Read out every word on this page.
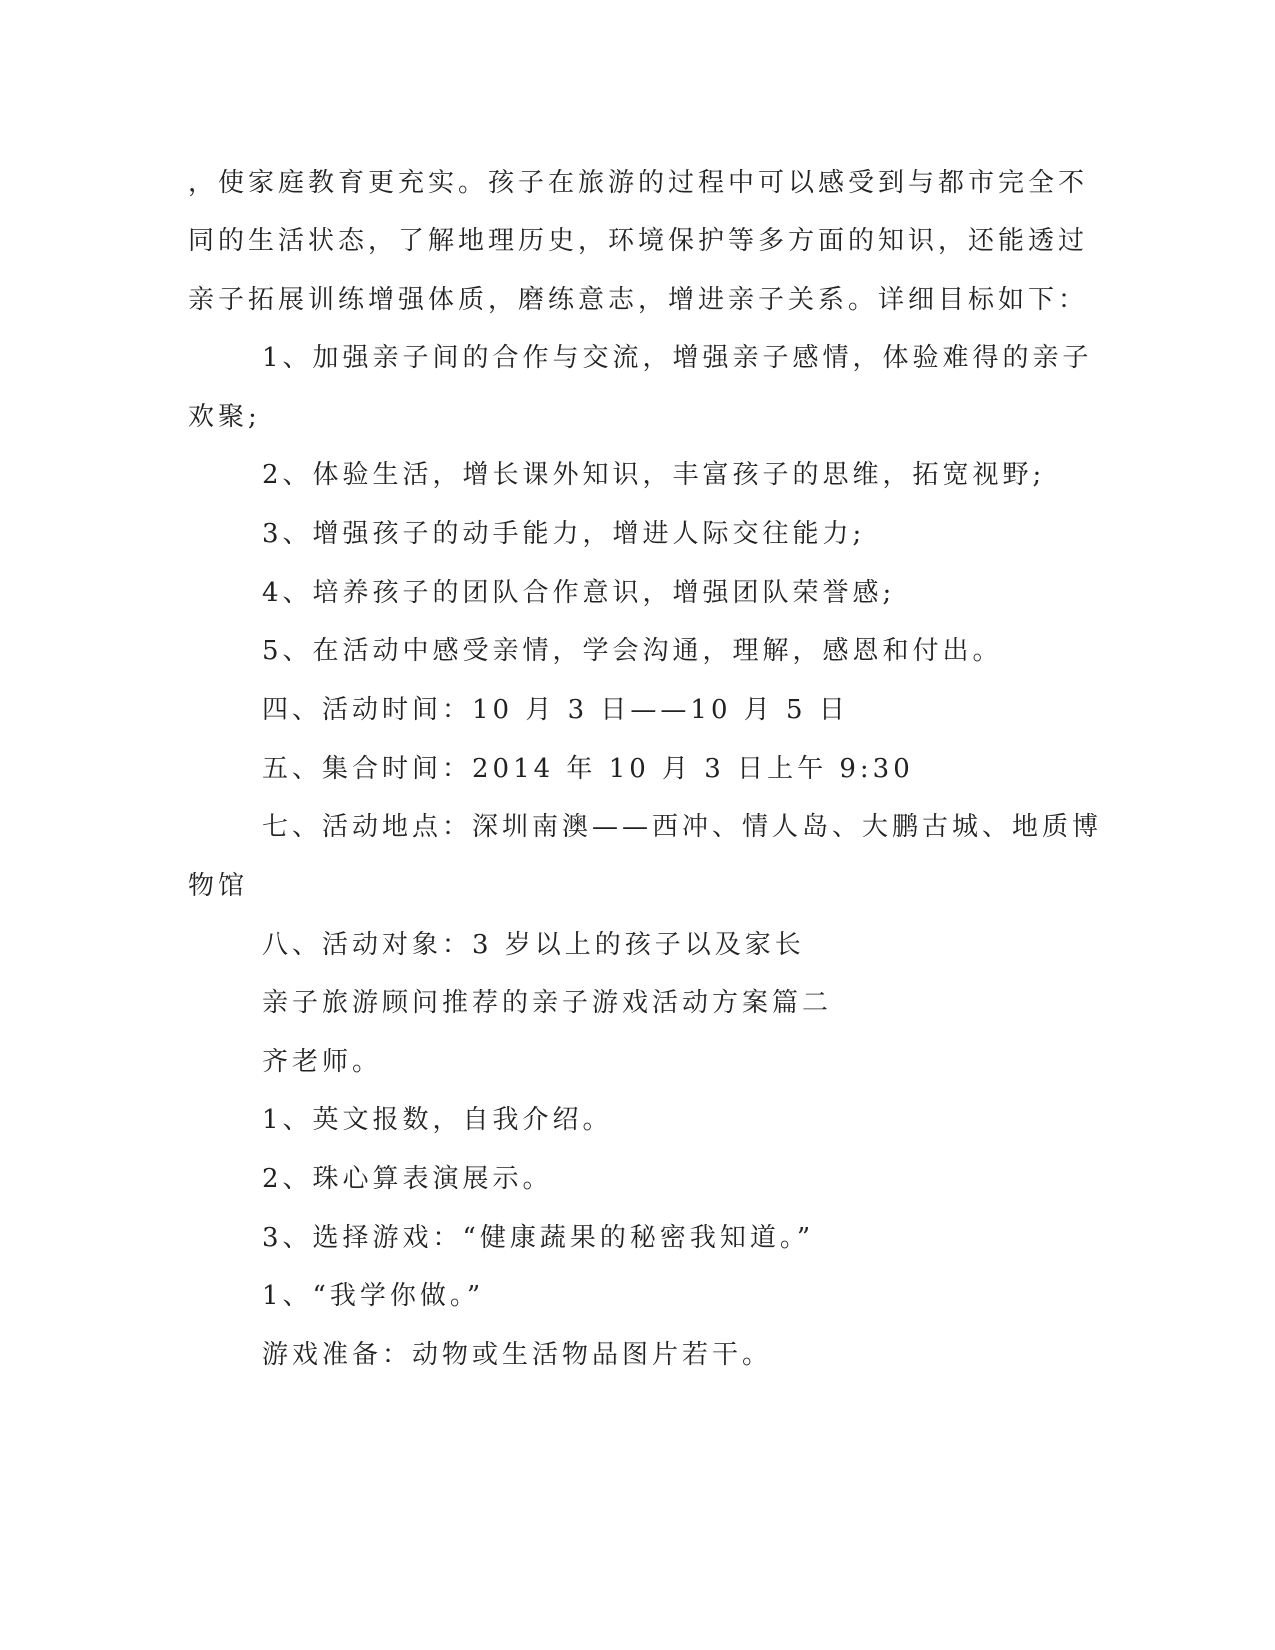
，使家庭教育更充实。孩子在旅游的过程中可以感受到与都市完全不
同的生活状态，了解地理历史，环境保护等多方面的知识，还能透过
亲子拓展训练增强体质，磨练意志，增进亲子关系。详细目标如下：
1、加强亲子间的合作与交流，增强亲子感情，体验难得的亲子
欢聚;
2、体验生活，增长课外知识，丰富孩子的思维，拓宽视野;
3、增强孩子的动手能力，增进人际交往能力;
4、培养孩子的团队合作意识，增强团队荣誉感;
5、在活动中感受亲情，学会沟通，理解，感恩和付出。
四、活动时间：10 月 3 日——10 月 5 日
五、集合时间：2014 年 10 月 3 日上午 9:30
七、活动地点：深圳南澳——西冲、情人岛、大鹏古城、地质博
物馆
八、活动对象：3 岁以上的孩子以及家长
亲子旅游顾问推荐的亲子游戏活动方案篇二
齐老师。
1、英文报数，自我介绍。
2、珠心算表演展示。
3、选择游戏：“健康蔬果的秘密我知道。”
1、“我学你做。”
游戏准备：动物或生活物品图片若干。
